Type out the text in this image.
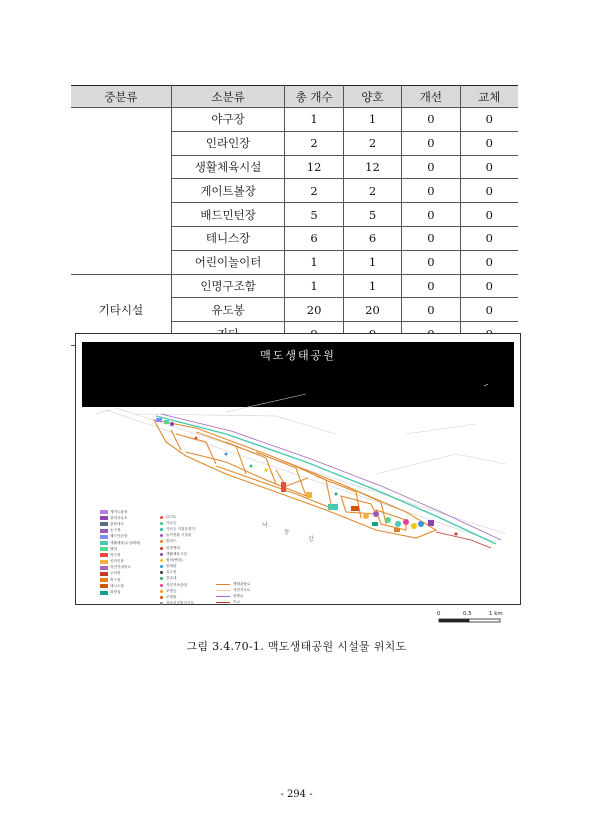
중분류	소분류	총 개수	양호	개선	교체
	야구장	1	1	0	0
	인라인장	2	2	0	0
	생활체육시설	12	12	0	0
	게이트볼장	2	2	0	0
	배드민턴장	5	5	0	0
	테니스장	6	6	0	0
	어린이놀이터	1	1	0	0
기타시설	인명구조함	1	1	0	0
	유도봉	20	20	0	0

맥도생태공원
낙
동
강
게이트볼장
관리사무소
관람대크
농구장
배드민턴장
생활체육(수상레져)
벤치
야구장
인라인장
자전거대여소
주차장
축구장
테니스장
화장실
CCTV
가로등
가로등 지열음향기
놀이전환 시설물
볼라드
블록벤치
생활체육시설
쉼터(벤치)
안내판
유도봉
음수대
자전거보관대
조명등
조형물
자동차질정지시설
생태관찰로
자전거도로
탐방로
목교
0	0.5	1 km
그림 3.4.70-1. 맥도생태공원 시설물 위치도
- 294 -
